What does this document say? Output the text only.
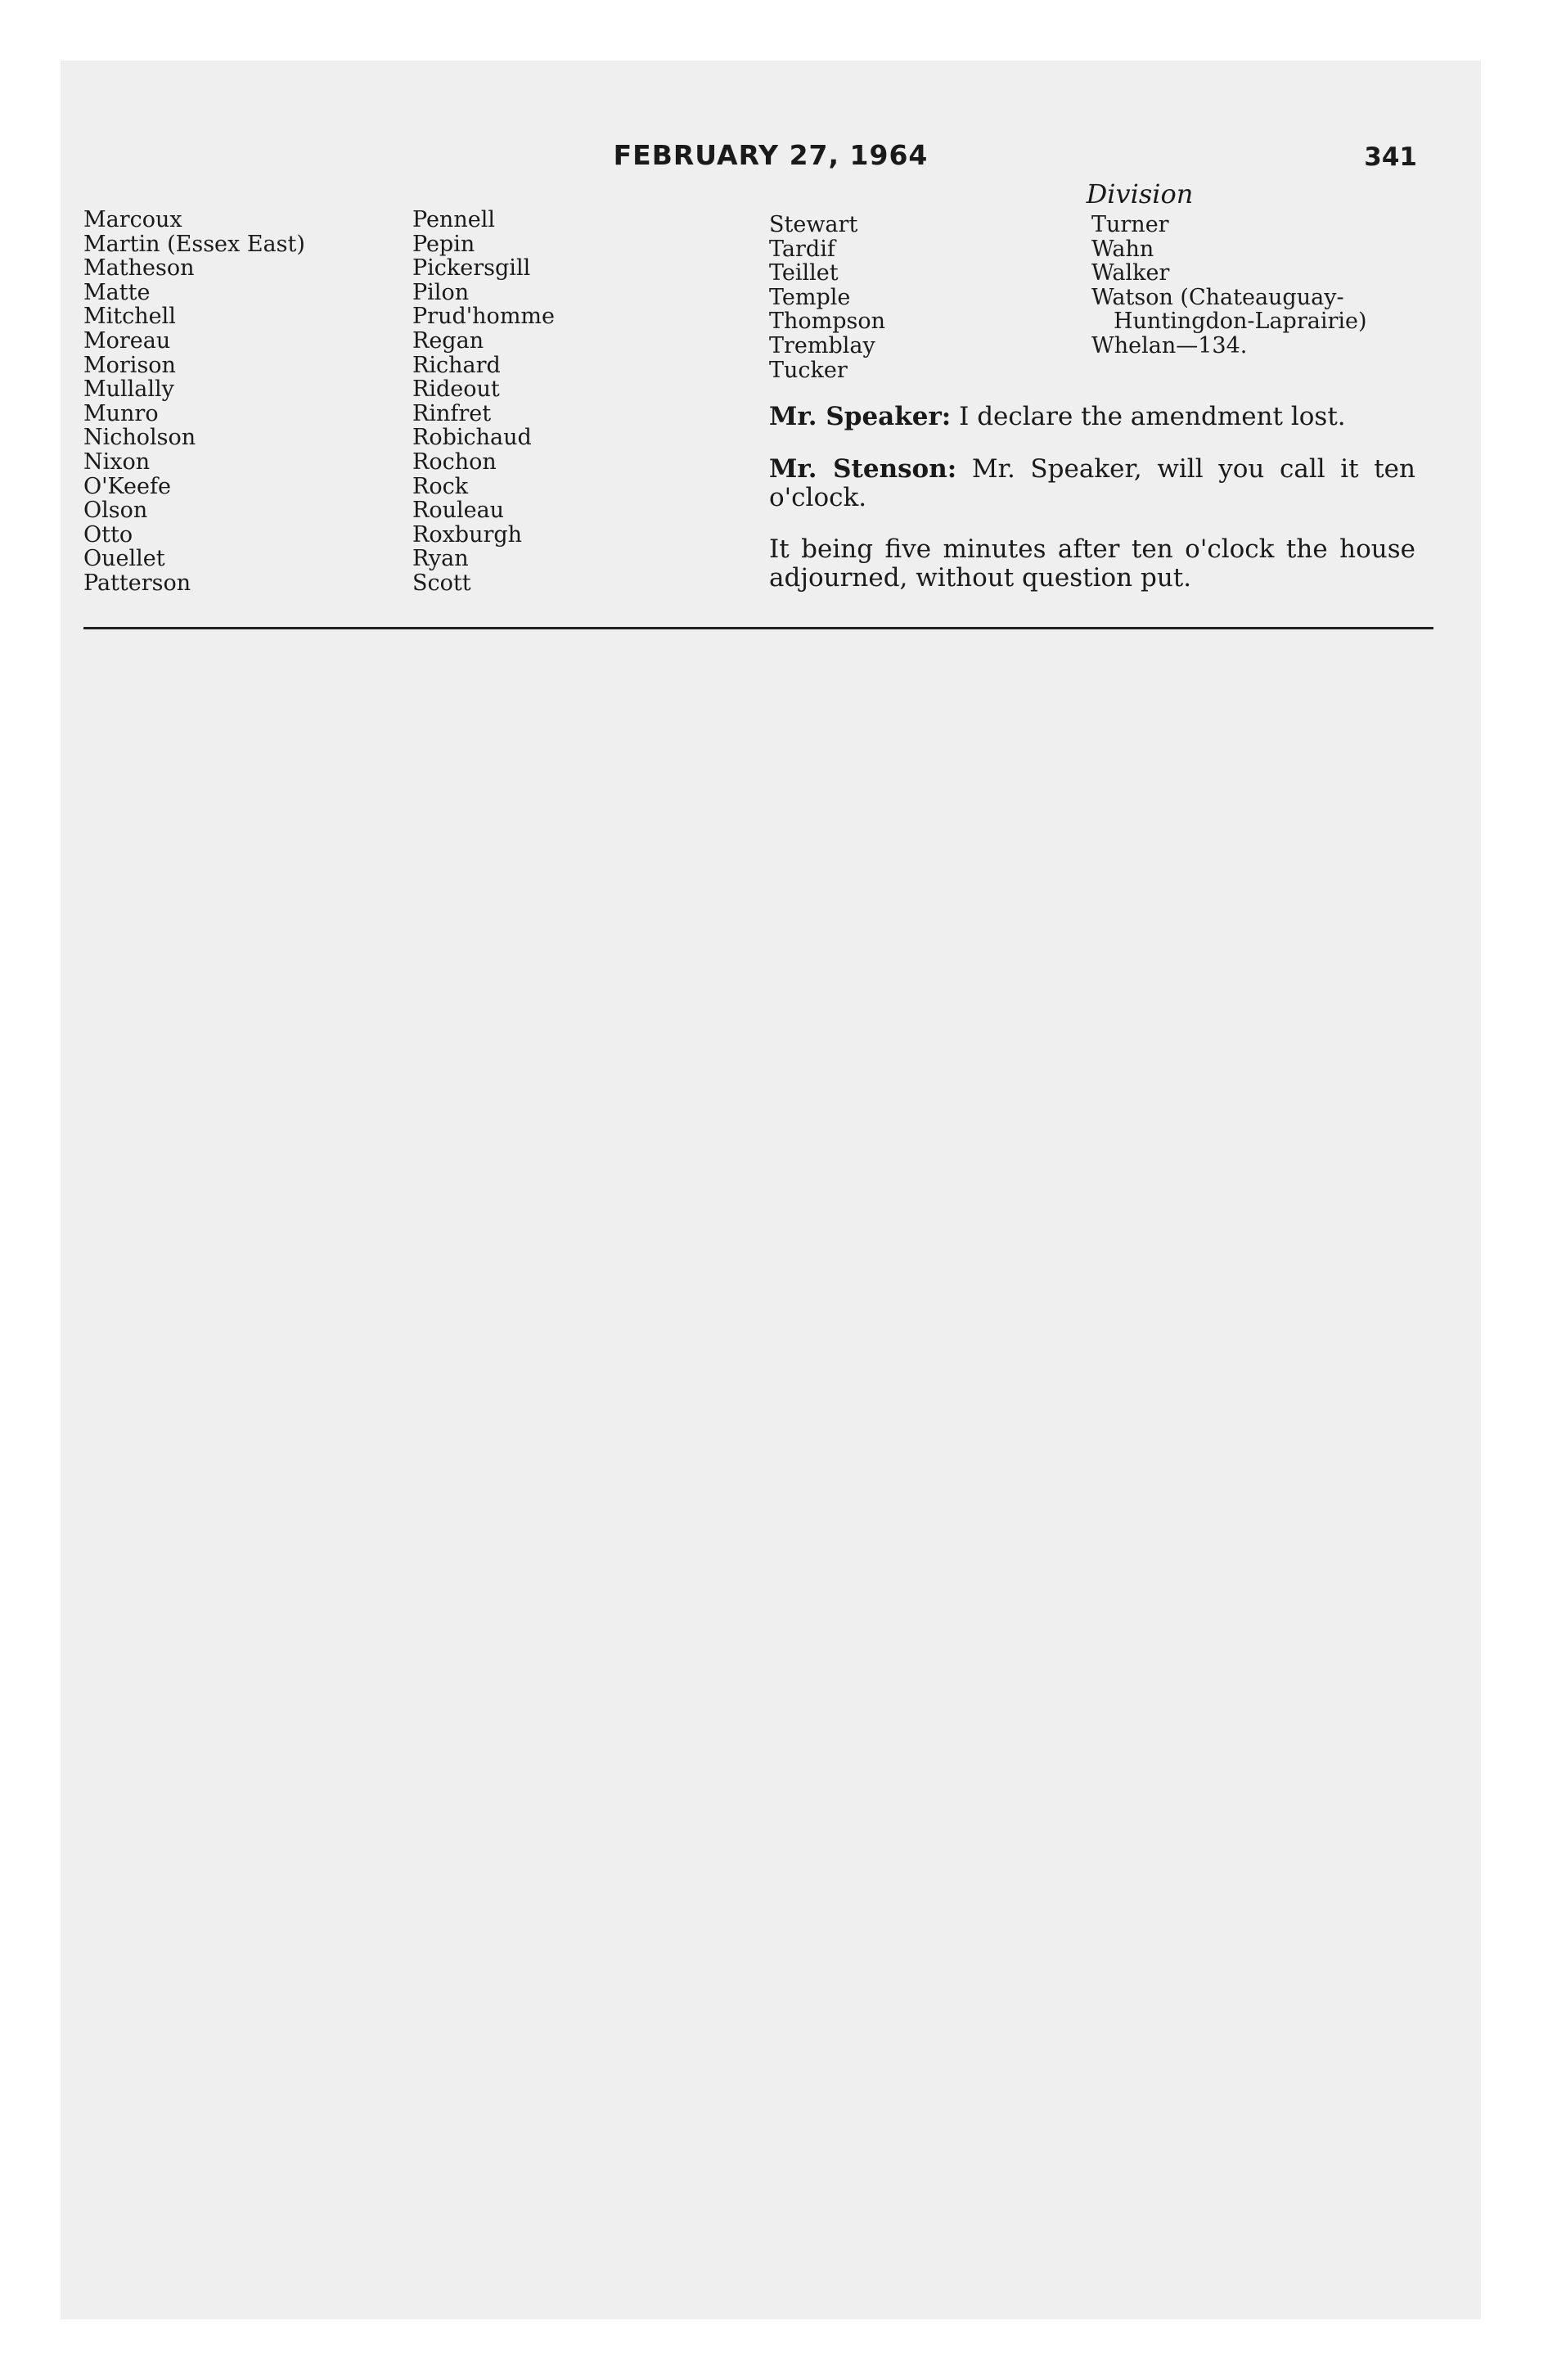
FEBRUARY 27, 1964	341
Division
Marcoux
Martin (Essex East)
Matheson
Matte
Mitchell
Moreau
Morison
Mullally
Munro
Nicholson
Nixon
O'Keefe
Olson
Otto
Ouellet
Patterson
Pennell
Pepin
Pickersgill
Pilon
Prud'homme
Regan
Richard
Rideout
Rinfret
Robichaud
Rochon
Rock
Rouleau
Roxburgh
Ryan
Scott
Stewart
Tardif
Teillet
Temple
Thompson
Tremblay
Tucker
Turner
Wahn
Walker
Watson (Chateauguay-
Huntingdon-Laprairie)
Whelan—134.

Mr. Speaker: I declare the amendment lost.

Mr. Stenson: Mr. Speaker, will you call it ten o'clock.

It being five minutes after ten o'clock the house adjourned, without question put.
